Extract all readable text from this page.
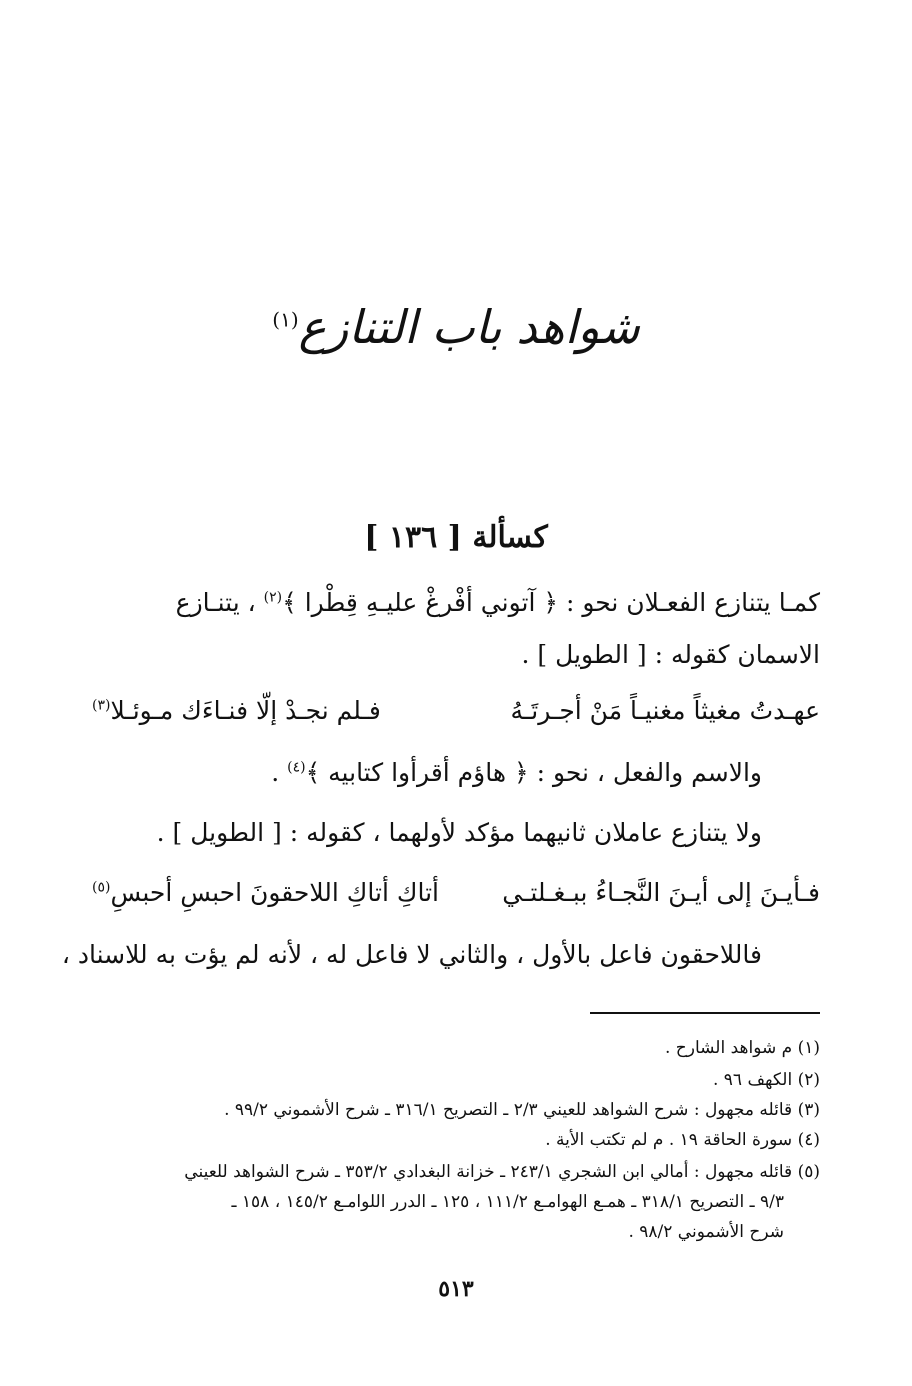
شواهد باب التنازع$^{(١)}$
كسألة [ ١٣٦ ]
كمـا يتنازع الفعـلان نحو : ﴿ آتوني أفْرغْ عليـهِ قِطْرا ﴾$^{(٢)}$ ، يتنـازع
الاسمان كقوله : [ الطويل ] .
عهـدتُ مغيثاً مغنيـاً مَنْ أجـرتَـهُ
فـلم نجـدْ إلّا فنـاءَك مـوئـلا$^{(٣)}$
والاسم والفعل ، نحو : ﴿ هاؤم أقرأوا كتابيه ﴾$^{(٤)}$ .
ولا يتنازع عاملان ثانيهما مؤكد لأولهما ، كقوله : [ الطويل ] .
فـأيـنَ إلى أيـنَ النَّجـاءُ ببـغـلتـي
أتاكِ أتاكِ اللاحقونَ احبسِ أحبسِ$^{(٥)}$
فاللاحقون فاعل بالأول ، والثاني لا فاعل له ، لأنه لم يؤت به للاسناد ،
(١) م شواهد الشارح .
(٢) الكهف ٩٦ .
(٣) قائله مجهول : شرح الشواهد للعيني ٢/٣ ـ التصريح ٣١٦/١ ـ شرح الأشموني ٩٩/٢ .
(٤) سورة الحاقة ١٩ . م لم تكتب الأية .
(٥) قائله مجهول : أمالي ابن الشجري ٢٤٣/١ ـ خزانة البغدادي ٣٥٣/٢ ـ شرح الشواهد للعيني
٩/٣ ـ التصريح ٣١٨/١ ـ همـع الهوامـع ١١١/٢ ، ١٢٥ ـ الدرر اللوامـع ١٤٥/٢ ، ١٥٨ ـ
شرح الأشموني ٩٨/٢ .
٥١٣
